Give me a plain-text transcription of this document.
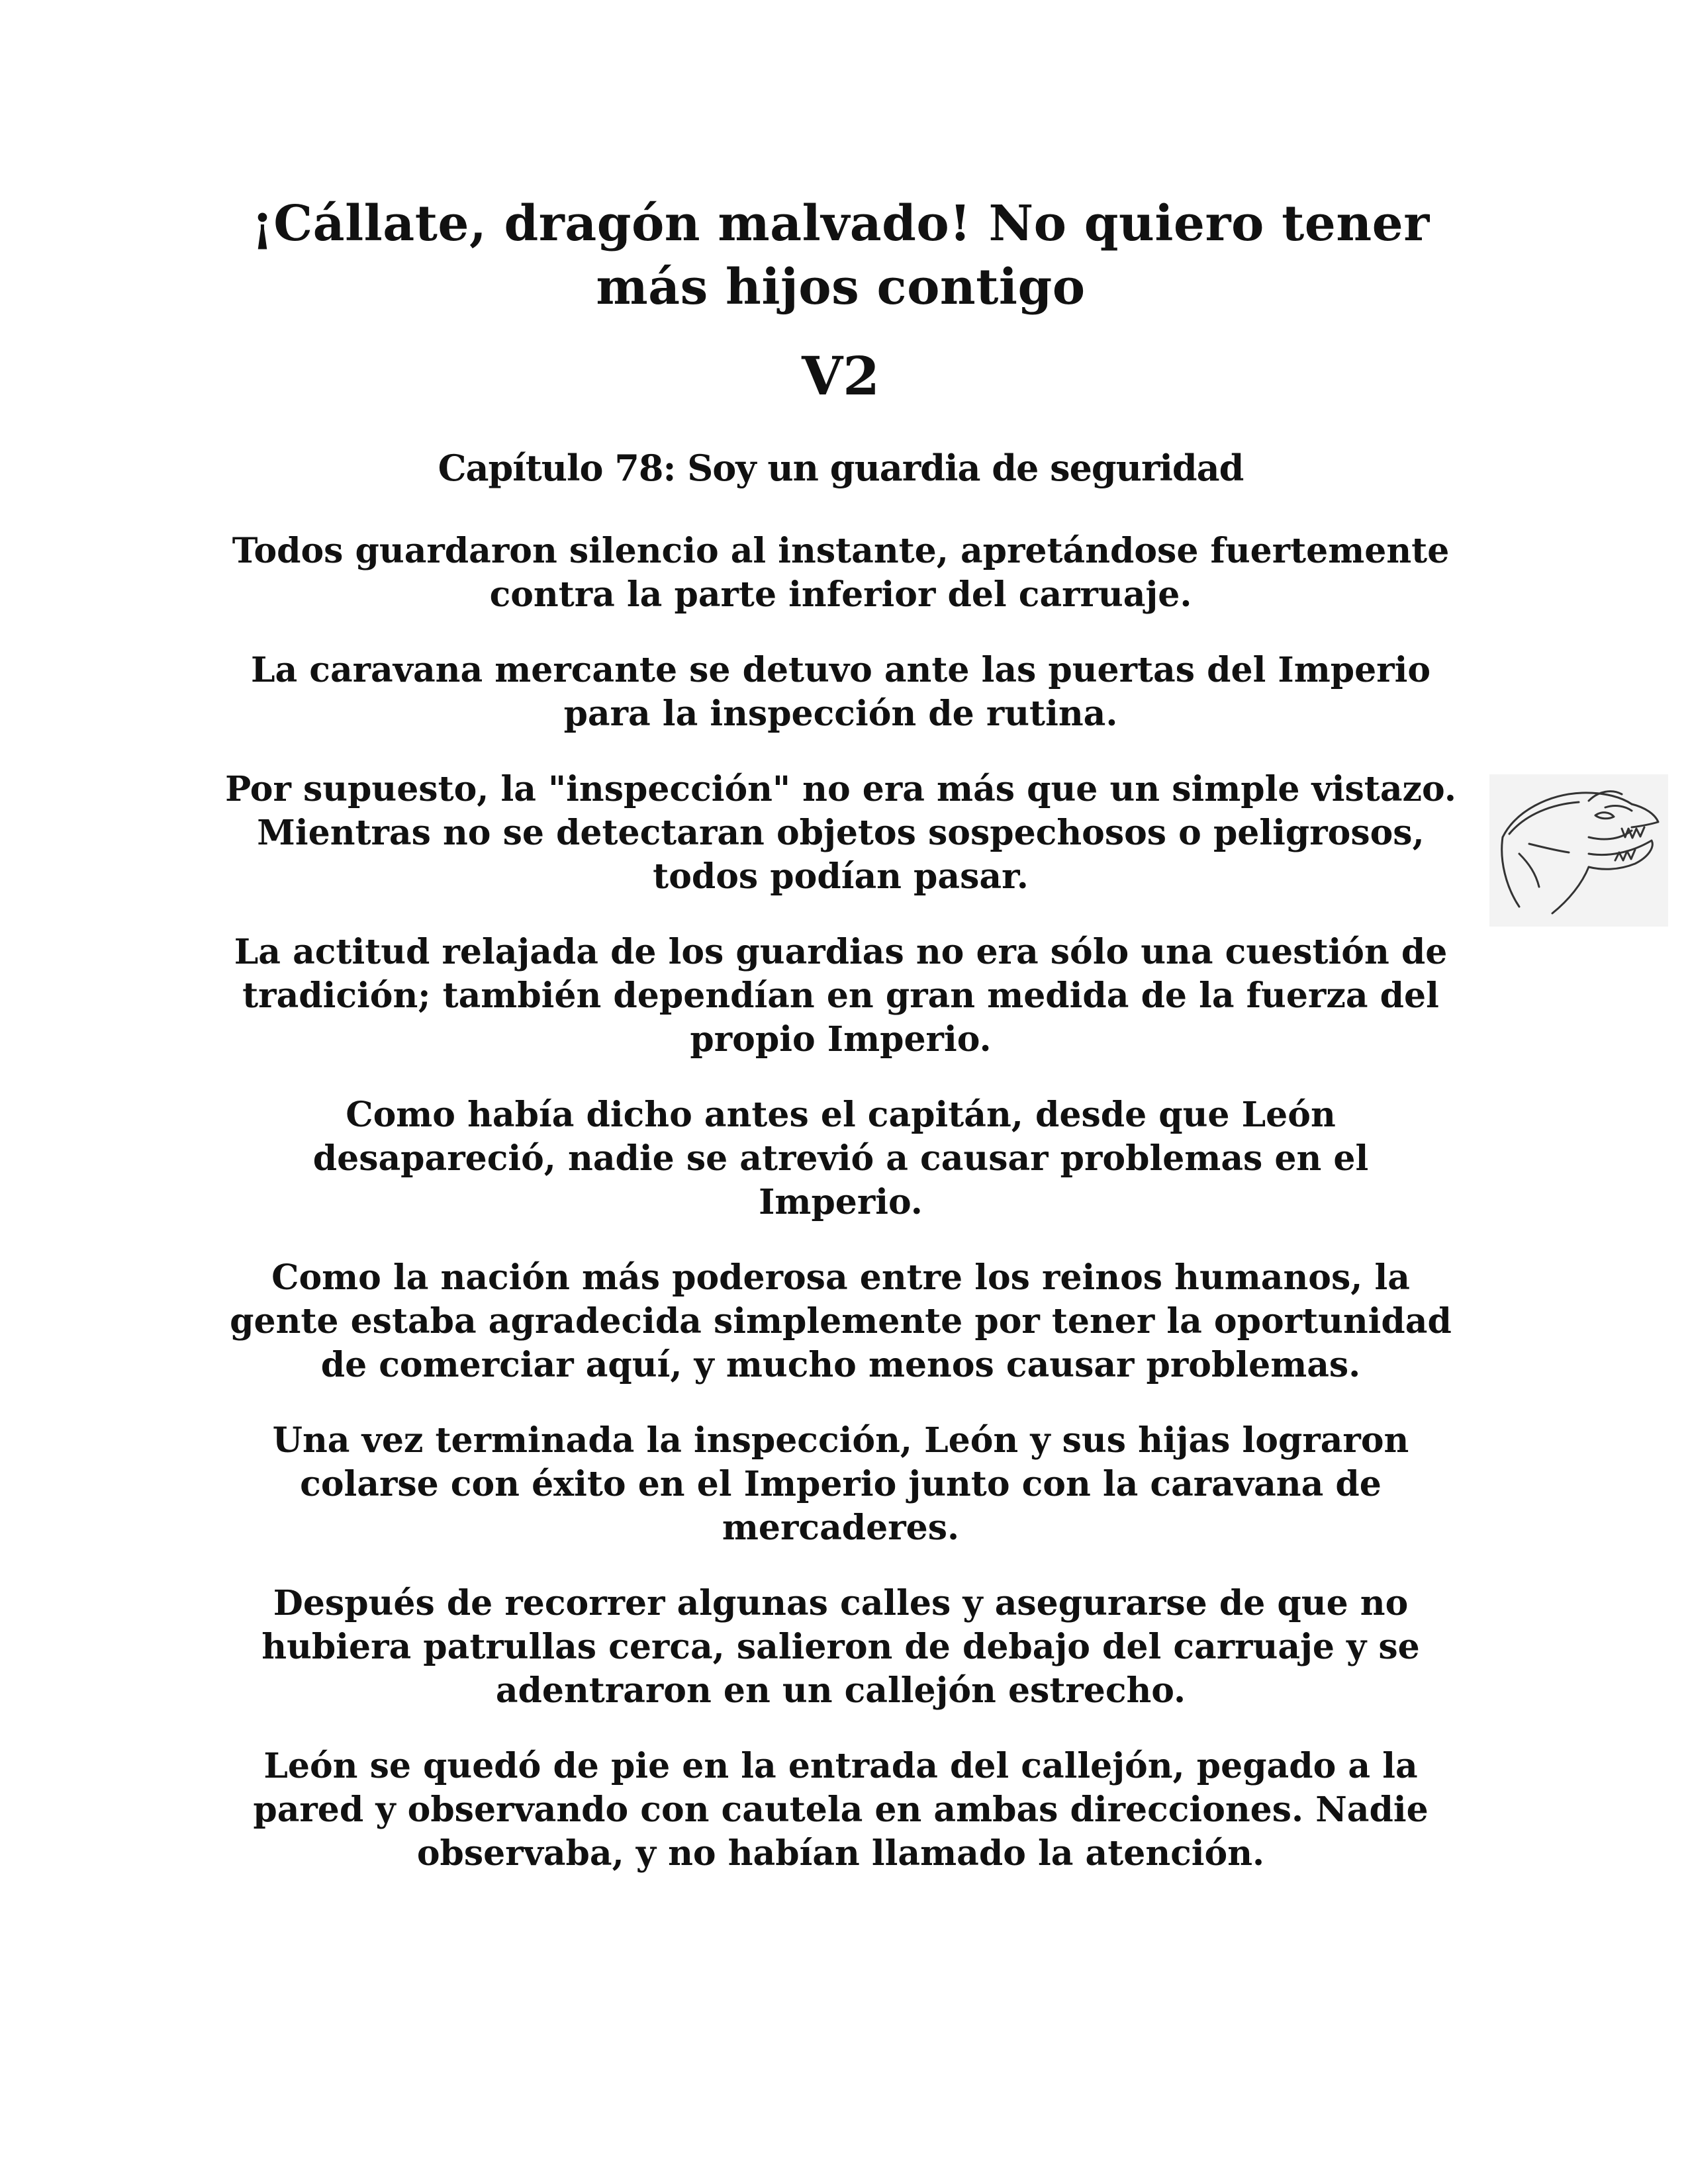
¡Cállate, dragón malvado! No quiero tener
más hijos contigo
V2
Capítulo 78: Soy un guardia de seguridad

Todos guardaron silencio al instante, apretándose fuertemente contra la parte inferior del carruaje.

La caravana mercante se detuvo ante las puertas del Imperio para la inspección de rutina.

Por supuesto, la "inspección" no era más que un simple vistazo. Mientras no se detectaran objetos sospechosos o peligrosos, todos podían pasar.

La actitud relajada de los guardias no era sólo una cuestión de tradición; también dependían en gran medida de la fuerza del propio Imperio.

Como había dicho antes el capitán, desde que León desapareció, nadie se atrevió a causar problemas en el Imperio.

Como la nación más poderosa entre los reinos humanos, la gente estaba agradecida simplemente por tener la oportunidad de comerciar aquí, y mucho menos causar problemas.

Una vez terminada la inspección, León y sus hijas lograron colarse con éxito en el Imperio junto con la caravana de mercaderes.

Después de recorrer algunas calles y asegurarse de que no hubiera patrullas cerca, salieron de debajo del carruaje y se adentraron en un callejón estrecho.

León se quedó de pie en la entrada del callejón, pegado a la pared y observando con cautela en ambas direcciones. Nadie observaba, y no habían llamado la atención.
